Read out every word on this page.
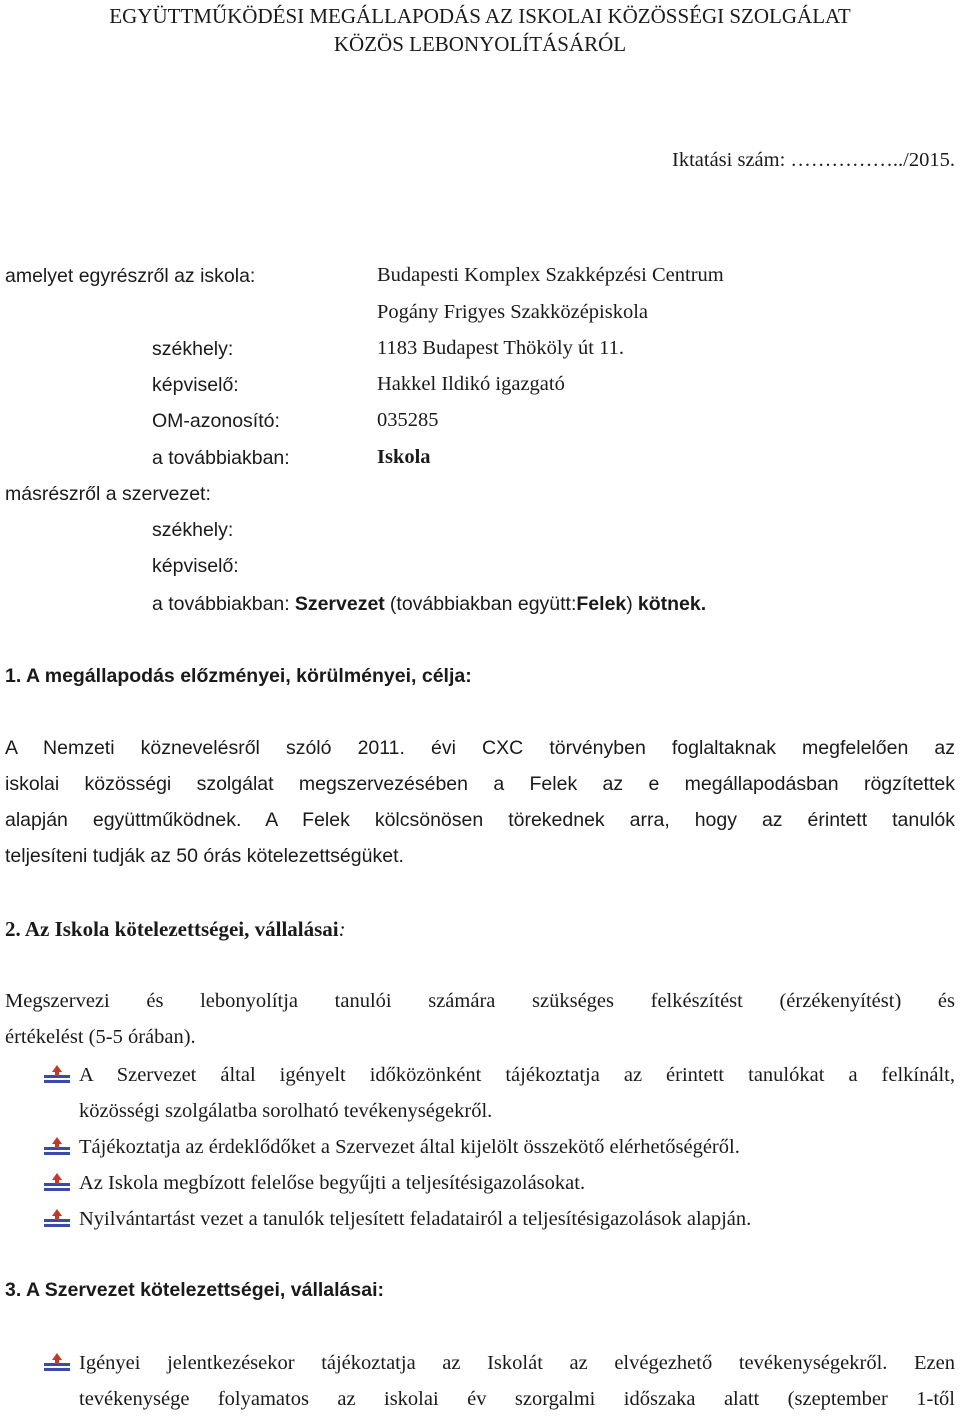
EGYÜTTMŰKÖDÉSI MEGÁLLAPODÁS AZ ISKOLAI KÖZÖSSÉGI SZOLGÁLAT
KÖZÖS LEBONYOLÍTÁSÁRÓL
Iktatási szám: ……………../2015.
amelyet egyrészről az iskola:	Budapesti Komplex Szakképzési Centrum
Pogány Frigyes Szakközépiskola
székhely:	1183 Budapest Thököly út 11.
képviselő:	Hakkel Ildikó igazgató
OM-azonosító:	035285
a továbbiakban:	Iskola
másrészről a szervezet:
székhely:
képviselő:
a továbbiakban: Szervezet (továbbiakban együtt:Felek) kötnek.
1. A megállapodás előzményei, körülményei, célja:
A Nemzeti köznevelésről szóló 2011. évi CXC törvényben foglaltaknak megfelelően az
iskolai közösségi szolgálat megszervezésében a Felek az e megállapodásban rögzítettek
alapján együttműködnek. A Felek kölcsönösen törekednek arra, hogy az érintett tanulók
teljesíteni tudják az 50 órás kötelezettségüket.
2. Az Iskola kötelezettségei, vállalásai:
Megszervezi és lebonyolítja tanulói számára szükséges felkészítést (érzékenyítést) és
értékelést (5-5 órában).
A Szervezet által igényelt időközönként tájékoztatja az érintett tanulókat a felkínált,
közösségi szolgálatba sorolható tevékenységekről.
Tájékoztatja az érdeklődőket a Szervezet által kijelölt összekötő elérhetőségéről.
Az Iskola megbízott felelőse begyűjti a teljesítésigazolásokat.
Nyilvántartást vezet a tanulók teljesített feladatairól a teljesítésigazolások alapján.
3. A Szervezet kötelezettségei, vállalásai:
Igényei jelentkezésekor tájékoztatja az Iskolát az elvégezhető tevékenységekről. Ezen
tevékenysége folyamatos az iskolai év szorgalmi időszaka alatt (szeptember 1-től
